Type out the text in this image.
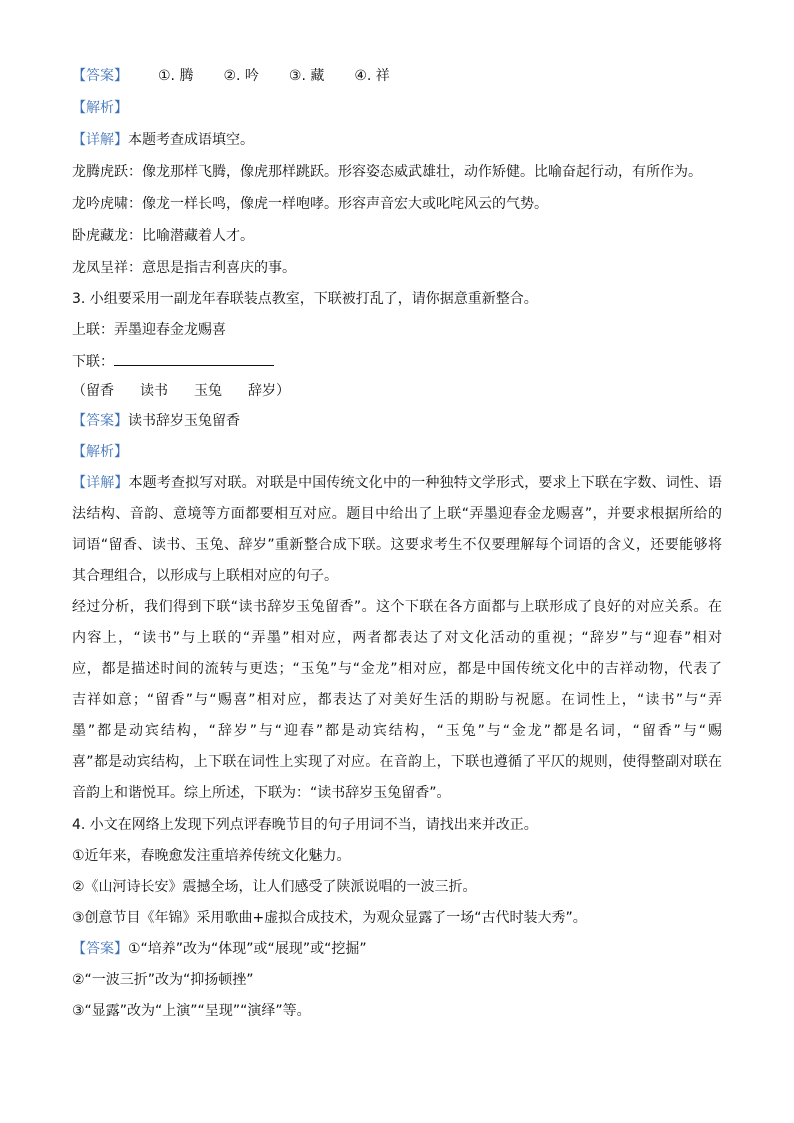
【答案】 ①. 腾 ②. 吟 ③. 藏 ④. 祥
【解析】
【详解】本题考查成语填空。
龙腾虎跃：像龙那样飞腾，像虎那样跳跃。形容姿态威武雄壮，动作矫健。比喻奋起行动，有所作为。
龙吟虎啸：像龙一样长鸣，像虎一样咆哮。形容声音宏大或叱咤风云的气势。
卧虎藏龙：比喻潜藏着人才。
龙凤呈祥：意思是指吉利喜庆的事。
3. 小组要采用一副龙年春联装点教室，下联被打乱了，请你据意重新整合。
上联：弄墨迎春金龙赐喜
下联：
（留香 读书 玉兔 辞岁）
【答案】读书辞岁玉兔留香
【解析】
【详解】本题考查拟写对联。对联是中国传统文化中的一种独特文学形式，要求上下联在字数、词性、语
法结构、音韵、意境等方面都要相互对应。题目中给出了上联“弄墨迎春金龙赐喜”，并要求根据所给的
词语“留香、读书、玉兔、辞岁”重新整合成下联。这要求考生不仅要理解每个词语的含义，还要能够将
其合理组合，以形成与上联相对应的句子。
经过分析，我们得到下联“读书辞岁玉兔留香”。这个下联在各方面都与上联形成了良好的对应关系。在
内容上，“读书”与上联的“弄墨”相对应，两者都表达了对文化活动的重视；“辞岁”与“迎春”相对
应，都是描述时间的流转与更迭；“玉兔”与“金龙”相对应，都是中国传统文化中的吉祥动物，代表了
吉祥如意；“留香”与“赐喜”相对应，都表达了对美好生活的期盼与祝愿。在词性上，“读书”与“弄
墨”都是动宾结构，“辞岁”与“迎春”都是动宾结构，“玉兔”与“金龙”都是名词，“留香”与“赐
喜”都是动宾结构，上下联在词性上实现了对应。在音韵上，下联也遵循了平仄的规则，使得整副对联在
音韵上和谐悦耳。综上所述，下联为：“读书辞岁玉兔留香”。
4. 小文在网络上发现下列点评春晚节目的句子用词不当，请找出来并改正。
①近年来，春晚愈发注重培养传统文化魅力。
②《山河诗长安》震撼全场，让人们感受了陕派说唱的一波三折。
③创意节目《年锦》采用歌曲+虚拟合成技术，为观众显露了一场“古代时装大秀”。
【答案】①“培养”改为“体现”或“展现”或“挖掘”
②“一波三折”改为“抑扬顿挫”
③“显露”改为“上演”“呈现”“演绎”等。
